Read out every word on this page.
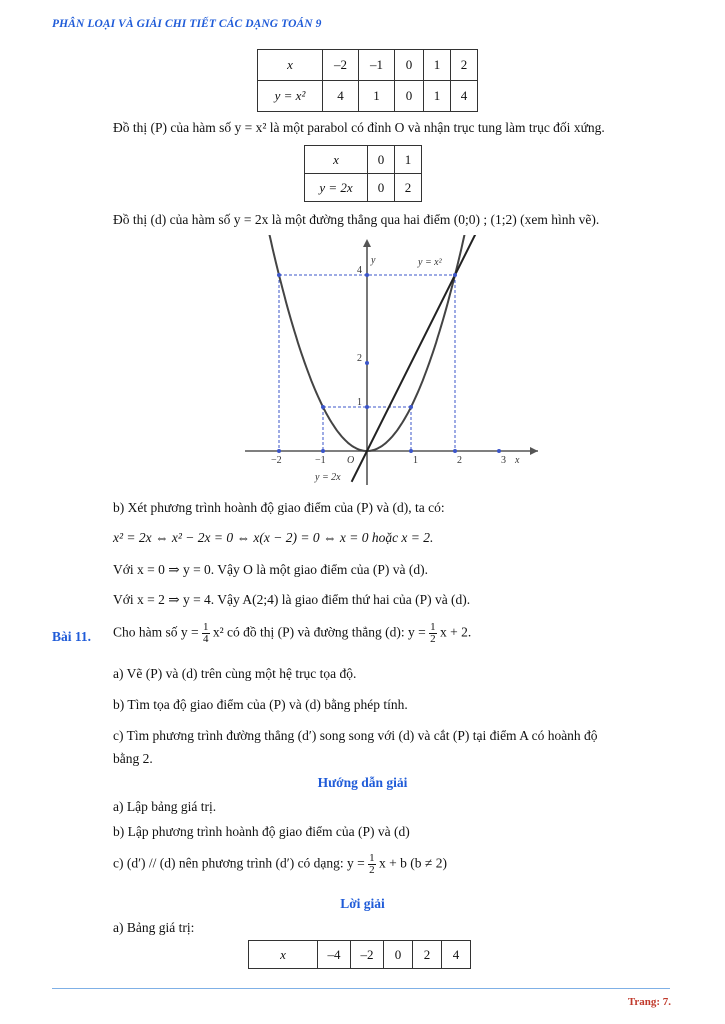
PHÂN LOẠI VÀ GIẢI CHI TIẾT CÁC DẠNG TOÁN 9
x	–2	–1	0	1	2
y = x²	4	1	0	1	4
Đồ thị (P) của hàm số y = x² là một parabol có đỉnh O và nhận trục tung làm trục đối xứng.
x	0	1
y = 2x	0	2
Đồ thị (d) của hàm số y = 2x là một đường thẳng qua hai điểm (0;0) ; (1;2) (xem hình vẽ).
−2	−1	1	2	3
4
2
1
O
y
x
y = x²
y = 2x
b) Xét phương trình hoành độ giao điểm của (P) và (d), ta có:
x² = 2x ⇔ x² − 2x = 0 ⇔ x(x − 2) = 0 ⇔ x = 0 hoặc x = 2.
Với x = 0 ⇒ y = 0. Vậy O là một giao điểm của (P) và (d).
Với x = 2 ⇒ y = 4. Vậy A(2;4) là giao điểm thứ hai của (P) và (d).
Bài 11. Cho hàm số $y = \frac{1}{4} x^2$ có đồ thị (P) và đường thẳng (d): $y = \frac{1}{2}$ x + 2.
a) Vẽ (P) và (d) trên cùng một hệ trục tọa độ.
b) Tìm tọa độ giao điểm của (P) và (d) bằng phép tính.
c) Tìm phương trình đường thẳng (d′) song song với (d) và cắt (P) tại điểm A có hoành độ
bằng 2.
Hướng dẫn giải
a) Lập bảng giá trị.
b) Lập phương trình hoành độ giao điểm của (P) và (d)
c) (d′) // (d) nên phương trình (d′) có dạng: $y = \frac{1}{2}$ x + b (b ≠ 2)
Lời giải
a) Bảng giá trị:
x	–4	–2	0	2	4
Trang: 7.
